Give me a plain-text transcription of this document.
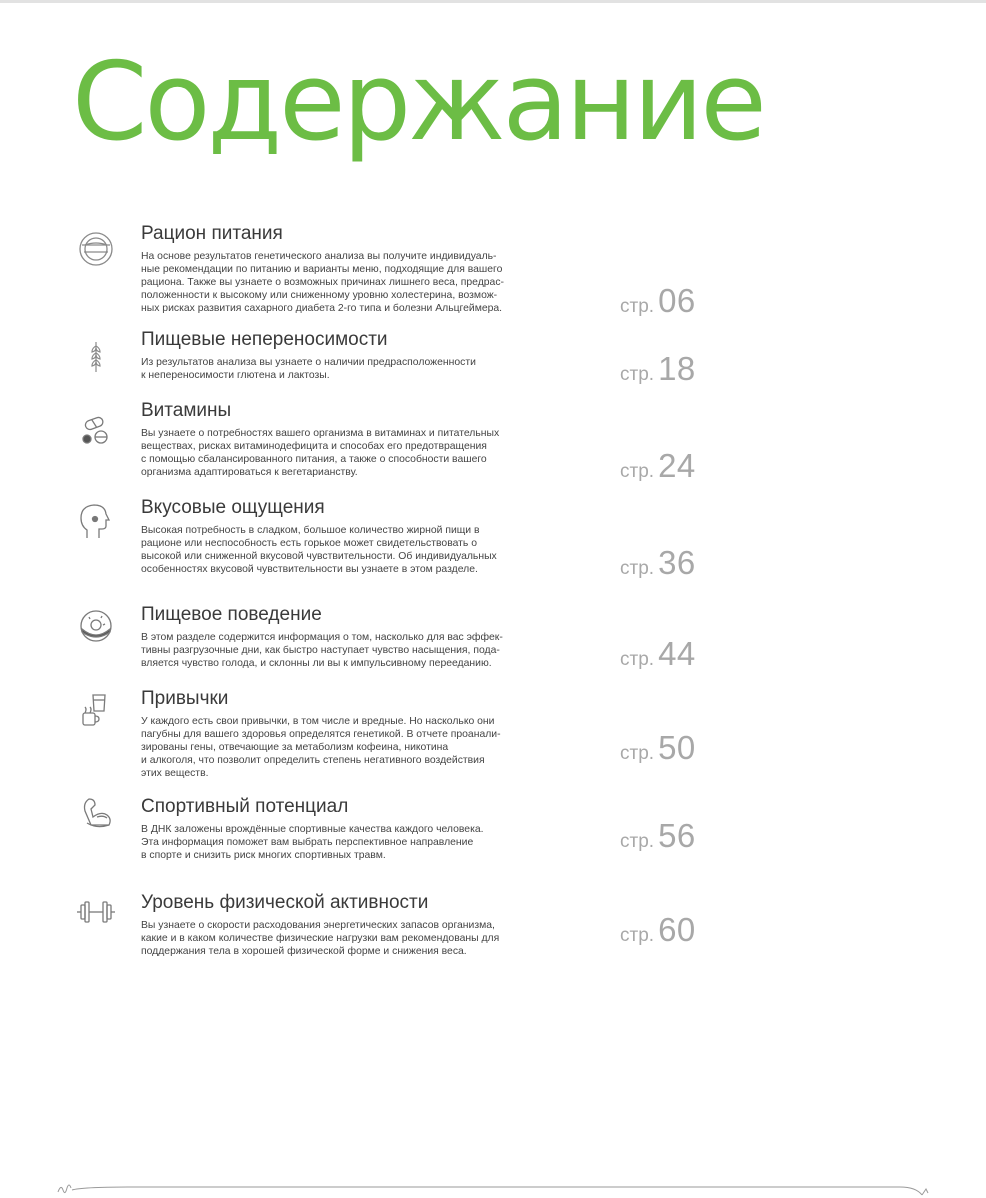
Содержание
Рацион питания

На основе результатов генетического анализа вы получите индивидуаль-
ные рекомендации по питанию и варианты меню, подходящие для вашего
рациона. Также вы узнаете о возможных причинах лишнего веса, предрас-
положенности к высокому или сниженному уровню холестерина, возмож-
ных рисках развития сахарного диабета 2-го типа и болезни Альцгеймера.	стр. 06
Пищевые непереносимости

Из результатов анализа вы узнаете о наличии предрасположенности
к непереносимости глютена и лактозы.	стр. 18
Витамины

Вы узнаете о потребностях вашего организма в витаминах и питательных
веществах, рисках витаминодефицита и способах его предотвращения
с помощью сбалансированного питания, а также о способности вашего
организма адаптироваться к вегетарианству.	стр. 24
Вкусовые ощущения

Высокая потребность в сладком, большое количество жирной пищи в
рационе или неспособность есть горькое может свидетельствовать о
высокой или сниженной вкусовой чувствительности. Об индивидуальных
особенностях вкусовой чувствительности вы узнаете в этом разделе.	стр. 36
Пищевое поведение

В этом разделе содержится информация о том, насколько для вас эффек-
тивны разгрузочные дни, как быстро наступает чувство насыщения, пода-
вляется чувство голода, и склонны ли вы к импульсивному перееданию.	стр. 44
Привычки

У каждого есть свои привычки, в том числе и вредные. Но насколько они
пагубны для вашего здоровья определятся генетикой. В отчете проанали-
зированы гены, отвечающие за метаболизм кофеина, никотина
и алкоголя, что позволит определить степень негативного воздействия
этих веществ.

стр. 50
Спортивный потенциал

В ДНК заложены врождённые спортивные качества каждого человека.
Эта информация поможет вам выбрать перспективное направление
в спорте и снизить риск многих спортивных травм.

стр. 56
Уровень физической активности

Вы узнаете о скорости расходования энергетических запасов организма,
какие и в каком количестве физические нагрузки вам рекомендованы для
поддержания тела в хорошей физической форме и снижения веса.

стр. 60
